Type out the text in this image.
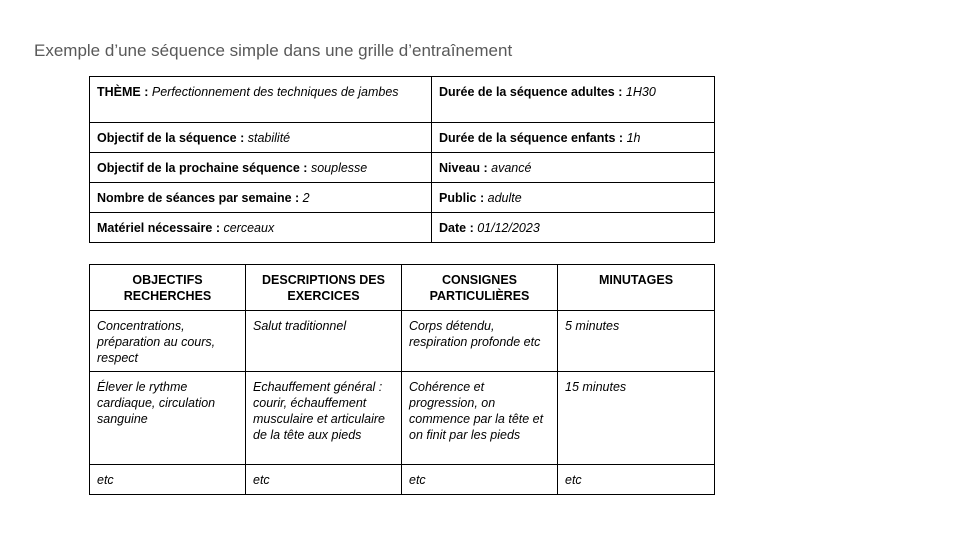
Exemple d’une séquence simple dans une grille d’entraînement
THÈME : Perfectionnement des techniques de jambes	Durée de la séquence adultes : 1H30
Objectif de la séquence : stabilité	Durée de la séquence enfants : 1h
Objectif de la prochaine séquence : souplesse	Niveau : avancé
Nombre de séances par semaine : 2	Public : adulte
Matériel nécessaire : cerceaux	Date : 01/12/2023
OBJECTIFS RECHERCHES	DESCRIPTIONS DES EXERCICES	CONSIGNES PARTICULIÈRES	MINUTAGES
Concentrations, préparation au cours, respect	Salut traditionnel	Corps détendu, respiration profonde etc	5 minutes
Élever le rythme cardiaque, circulation sanguine	Echauffement général : courir, échauffement musculaire et articulaire de la tête aux pieds	Cohérence et progression, on commence par la tête et on finit par les pieds	15 minutes
etc	etc	etc	etc
